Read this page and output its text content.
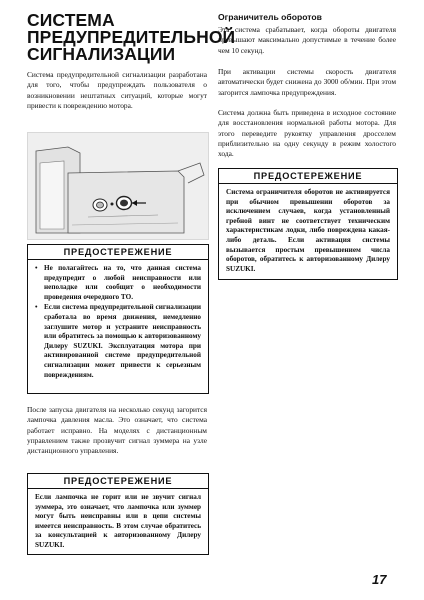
СИСТЕМА
ПРЕДУПРЕДИТЕЛЬНОЙ
СИГНАЛИЗАЦИИ

Система предупредительной сигнализации разработана для того, чтобы предупреждать пользователя о возникновении нештатных ситуаций, которые могут привести к повреждению мотора.

ПРЕДОСТЕРЕЖЕНИЕ
• Не полагайтесь на то, что данная система предупредит о любой неисправности или неполадке или сообщит о необходимости проведения очередного ТО.
• Если система предупредительной сигнализации сработала во время движения, немедленно заглушите мотор и устраните неисправность или обратитесь за помощью к авторизованному Дилеру SUZUKI. Эксплуатация мотора при активированной системе предупредительной сигнализации может привести к серьезным повреждениям.

После запуска двигателя на несколько секунд загорится лампочка давления масла. Это означает, что система работает исправно. На моделях с дистанционным управлением также прозвучит сигнал зуммера на узле дистанционного управления.

ПРЕДОСТЕРЕЖЕНИЕ
Если лампочка не горит или не звучит сигнал зуммера, это означает, что лампочка или зуммер могут быть неисправны или в цепи системы имеется неисправность. В этом случае обратитесь за консультацией к авторизованному Дилеру SUZUKI.
Ограничитель оборотов

Эта система срабатывает, когда обороты двигателя превышают максимально допустимые в течение более чем 10 секунд.

При активации системы скорость двигателя автоматически будет снижена до 3000 об/мин. При этом загорится лампочка предупреждения.

Система должна быть приведена в исходное состояние для восстановления нормальной работы мотора. Для этого переведите рукоятку управления дросселем приблизительно на одну секунду в режим холостого хода.

ПРЕДОСТЕРЕЖЕНИЕ
Система ограничителя оборотов не активируется при обычном превышении оборотов за исключением случаев, когда установленный гребной винт не соответствует техническим характеристикам лодки, либо повреждена какая-либо деталь. Если активация системы вызывается простым превышением числа оборотов, обратитесь к авторизованному Дилеру SUZUKI.
17
